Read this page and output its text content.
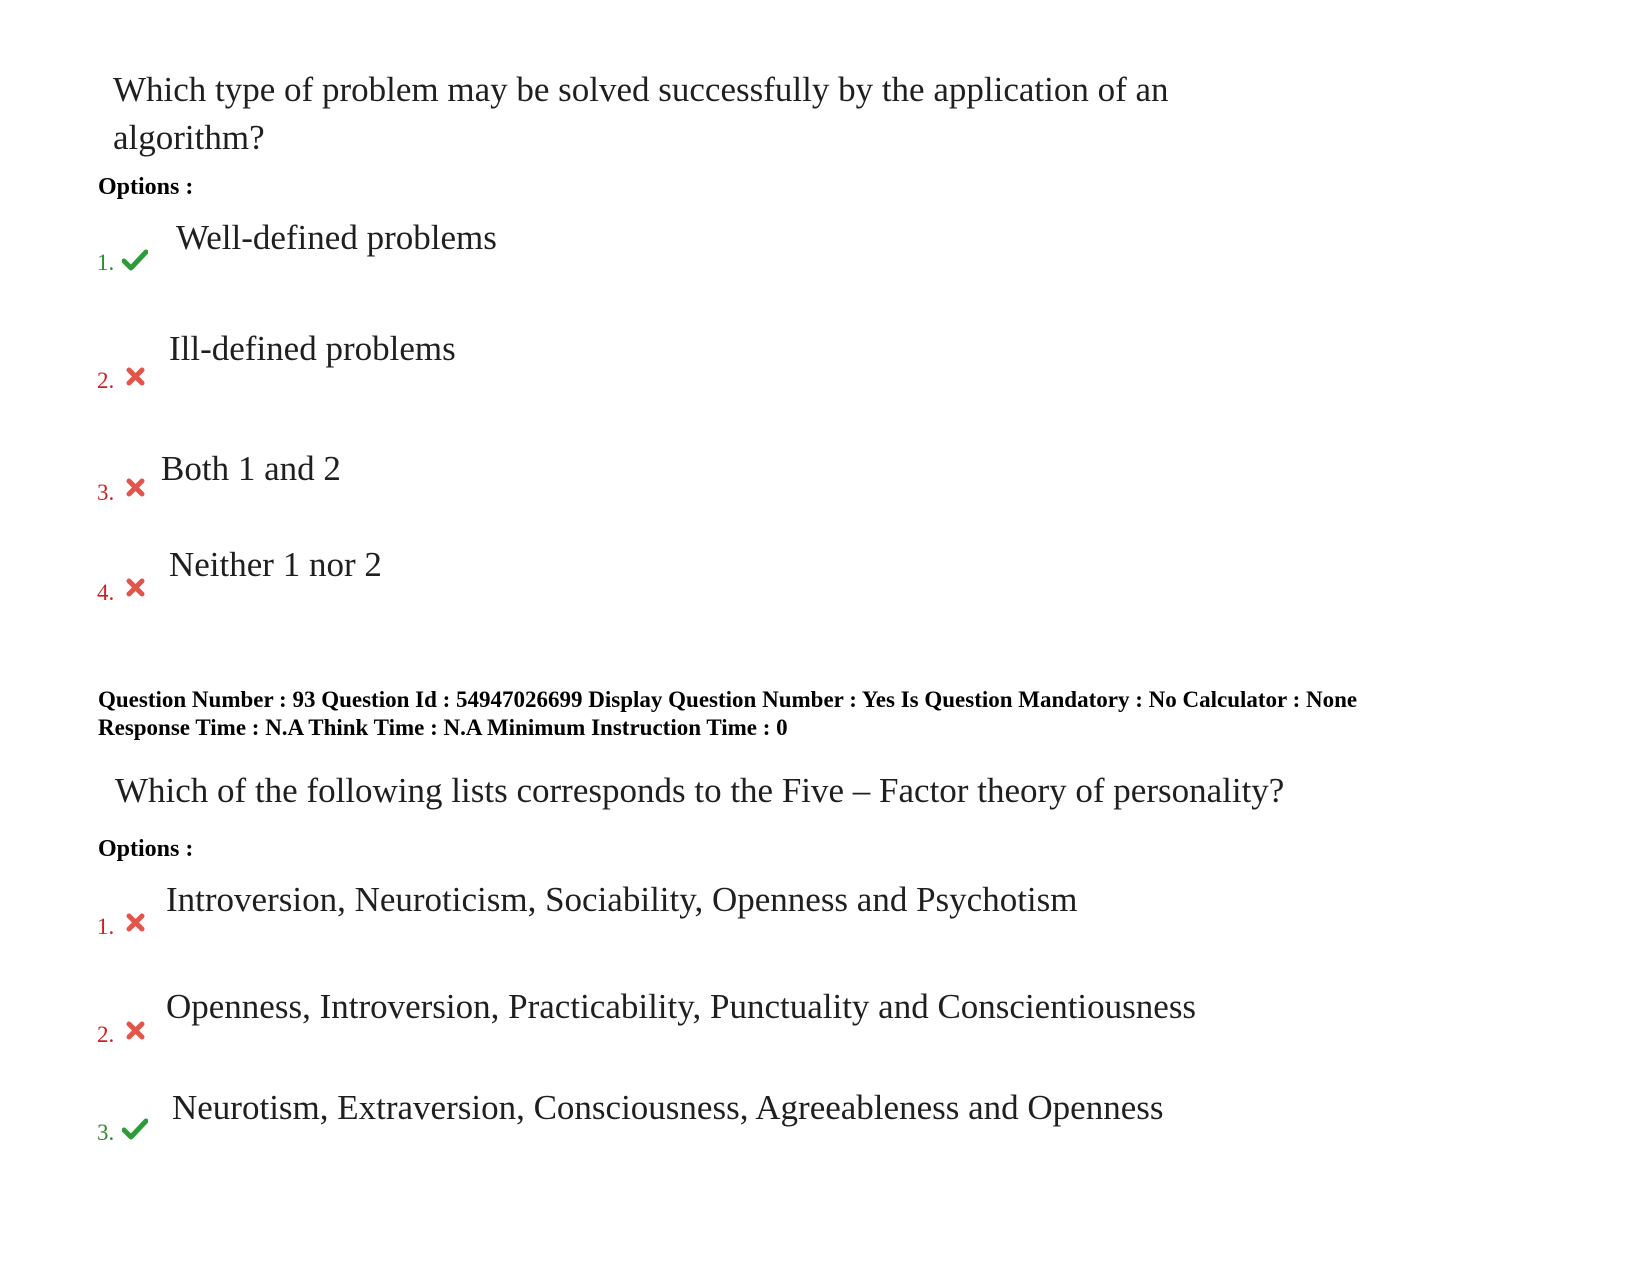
Which type of problem may be solved successfully by the application of an
algorithm?
Options :
1.
Well-defined problems
2.
Ill-defined problems
3.
Both 1 and 2
4.
Neither 1 nor 2
Question Number : 93 Question Id : 54947026699 Display Question Number : Yes Is Question Mandatory : No Calculator : None
Response Time : N.A Think Time : N.A Minimum Instruction Time : 0
Which of the following lists corresponds to the Five – Factor theory of personality?
Options :
1.
Introversion, Neuroticism, Sociability, Openness and Psychotism
2.
Openness, Introversion, Practicability, Punctuality and Conscientiousness
3.
Neurotism, Extraversion, Consciousness, Agreeableness and Openness
